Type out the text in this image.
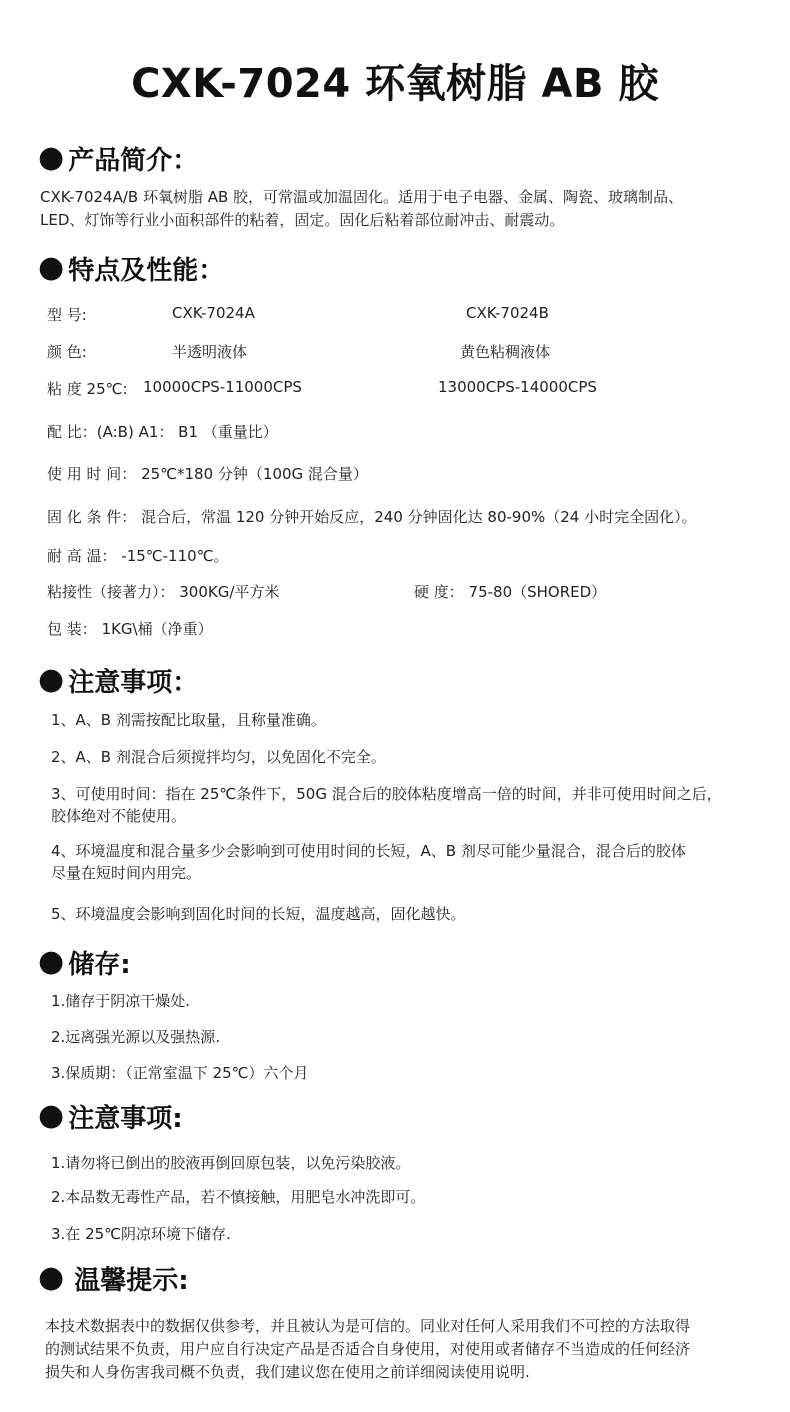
CXK-7024 环氧树脂 AB 胶
● 产品简介：
CXK-7024A/B 环氧树脂 AB 胶，可常温或加温固化。适用于电子电器、金属、陶瓷、玻璃制品、
LED、灯饰等行业小面积部件的粘着，固定。固化后粘着部位耐冲击、耐震动。
● 特点及性能：
型 号:	CXK-7024A	CXK-7024B
颜 色:	半透明液体	黄色粘稠液体
粘 度 25℃: 10000CPS-11000CPS	13000CPS-14000CPS
配 比：(A:B) A1： B1 （重量比）
使 用 时 间： 25℃*180 分钟（100G 混合量）
固 化 条 件： 混合后，常温 120 分钟开始反应，240 分钟固化达 80-90%（24 小时完全固化）。
耐 高 温： -15℃-110℃。
粘接性（接著力）： 300KG/平方米	硬 度： 75-80（SHORED）
包 装： 1KG\桶（净重）
● 注意事项：
1、A、B 剂需按配比取量，且称量准确。
2、A、B 剂混合后须搅拌均匀，以免固化不完全。
3、可使用时间：指在 25℃条件下，50G 混合后的胶体粘度增高一倍的时间，并非可使用时间之后，
胶体绝对不能使用。
4、环境温度和混合量多少会影响到可使用时间的长短，A、B 剂尽可能少量混合，混合后的胶体
尽量在短时间内用完。
5、环境温度会影响到固化时间的长短，温度越高，固化越快。
● 储存:
1.储存于阴凉干燥处.
2.远离强光源以及强热源.
3.保质期：（正常室温下 25℃）六个月
● 注意事项:
1.请勿将已倒出的胶液再倒回原包装，以免污染胶液。
2.本品数无毒性产品，若不慎接触，用肥皂水冲洗即可。
3.在 25℃阴凉环境下储存.
● 温馨提示:
本技术数据表中的数据仅供参考，并且被认为是可信的。同业对任何人采用我们不可控的方法取得
的测试结果不负责，用户应自行决定产品是否适合自身使用，对使用或者储存不当造成的任何经济
损失和人身伤害我司概不负责，我们建议您在使用之前详细阅读使用说明.
